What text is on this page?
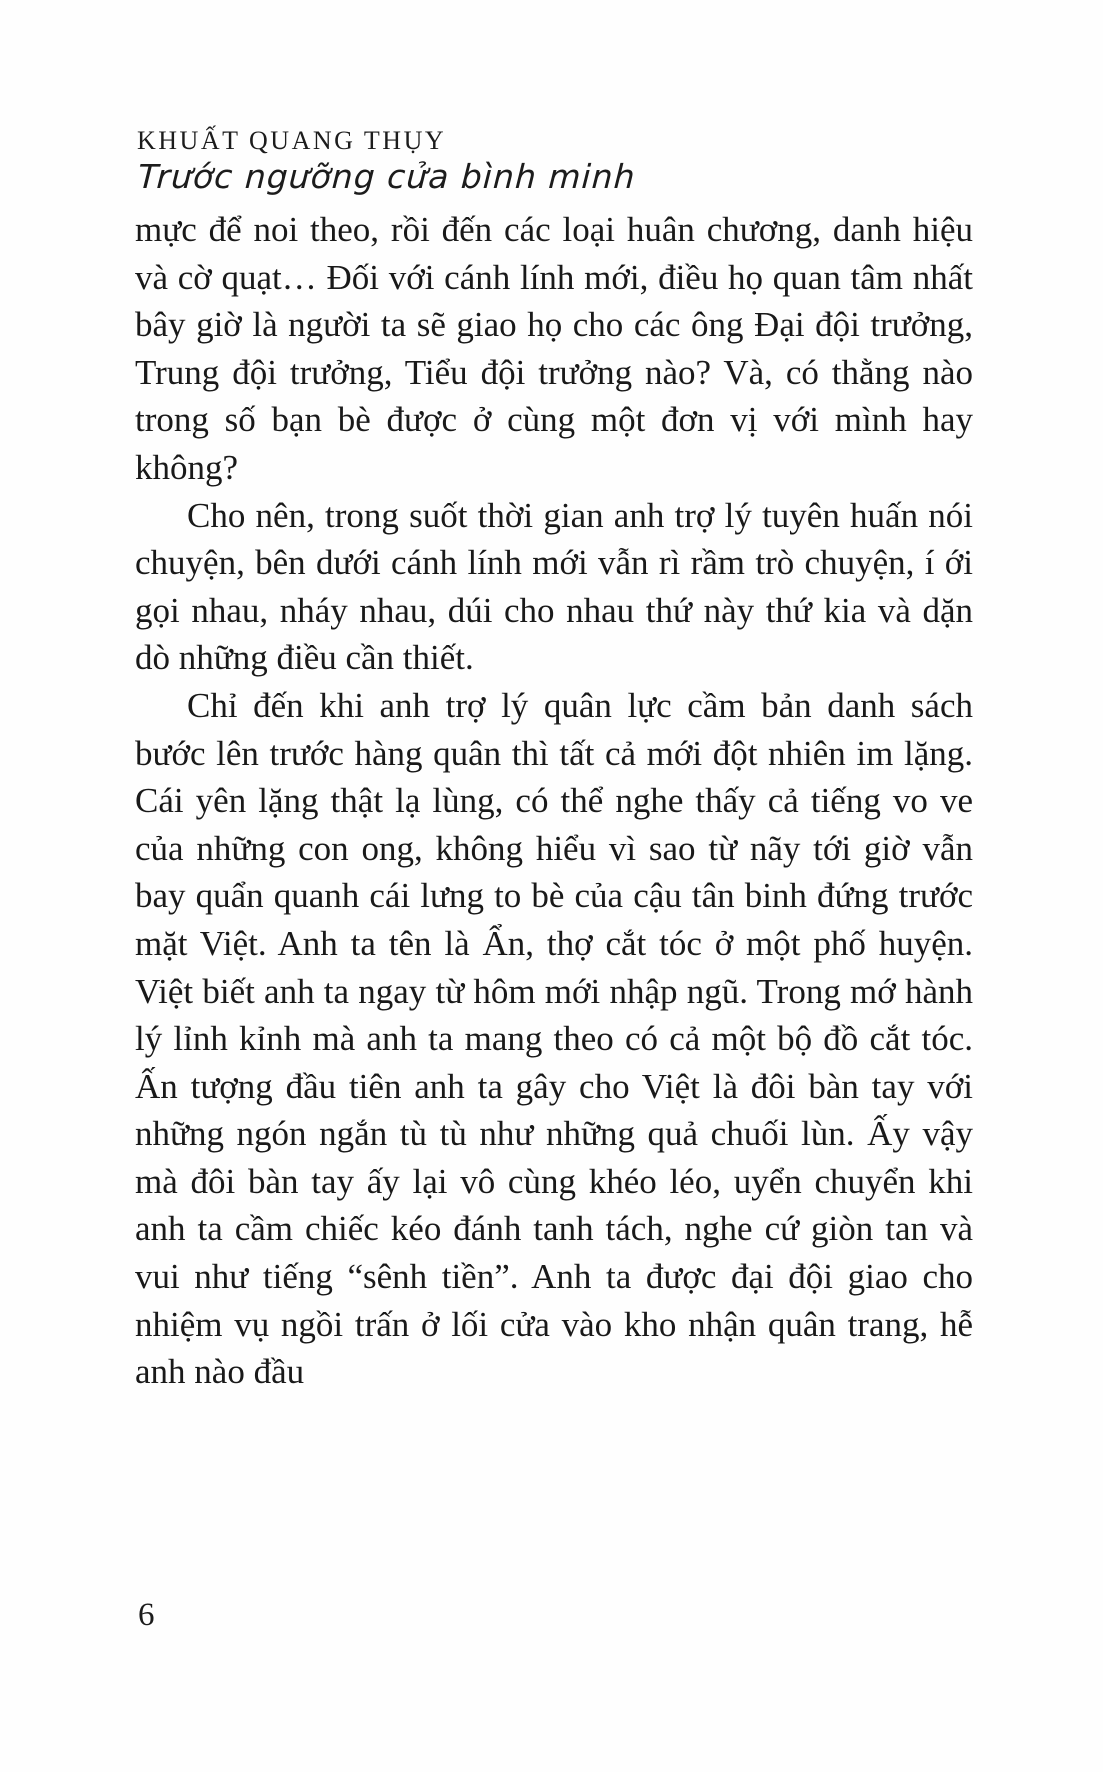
KHUẤT QUANG THỤY
Trước ngưỡng cửa bình minh

mực để noi theo, rồi đến các loại huân chương, danh hiệu và cờ quạt… Đối với cánh lính mới, điều họ quan tâm nhất bây giờ là người ta sẽ giao họ cho các ông Đại đội trưởng, Trung đội trưởng, Tiểu đội trưởng nào? Và, có thằng nào trong số bạn bè được ở cùng một đơn vị với mình hay không?

Cho nên, trong suốt thời gian anh trợ lý tuyên huấn nói chuyện, bên dưới cánh lính mới vẫn rì rầm trò chuyện, í ới gọi nhau, nháy nhau, dúi cho nhau thứ này thứ kia và dặn dò những điều cần thiết.

Chỉ đến khi anh trợ lý quân lực cầm bản danh sách bước lên trước hàng quân thì tất cả mới đột nhiên im lặng. Cái yên lặng thật lạ lùng, có thể nghe thấy cả tiếng vo ve của những con ong, không hiểu vì sao từ nãy tới giờ vẫn bay quẩn quanh cái lưng to bè của cậu tân binh đứng trước mặt Việt. Anh ta tên là Ẩn, thợ cắt tóc ở một phố huyện. Việt biết anh ta ngay từ hôm mới nhập ngũ. Trong mớ hành lý lỉnh kỉnh mà anh ta mang theo có cả một bộ đồ cắt tóc. Ấn tượng đầu tiên anh ta gây cho Việt là đôi bàn tay với những ngón ngắn tù tù như những quả chuối lùn. Ấy vậy mà đôi bàn tay ấy lại vô cùng khéo léo, uyển chuyển khi anh ta cầm chiếc kéo đánh tanh tách, nghe cứ giòn tan và vui như tiếng “sênh tiền”. Anh ta được đại đội giao cho nhiệm vụ ngồi trấn ở lối cửa vào kho nhận quân trang, hễ anh nào đầu

6
